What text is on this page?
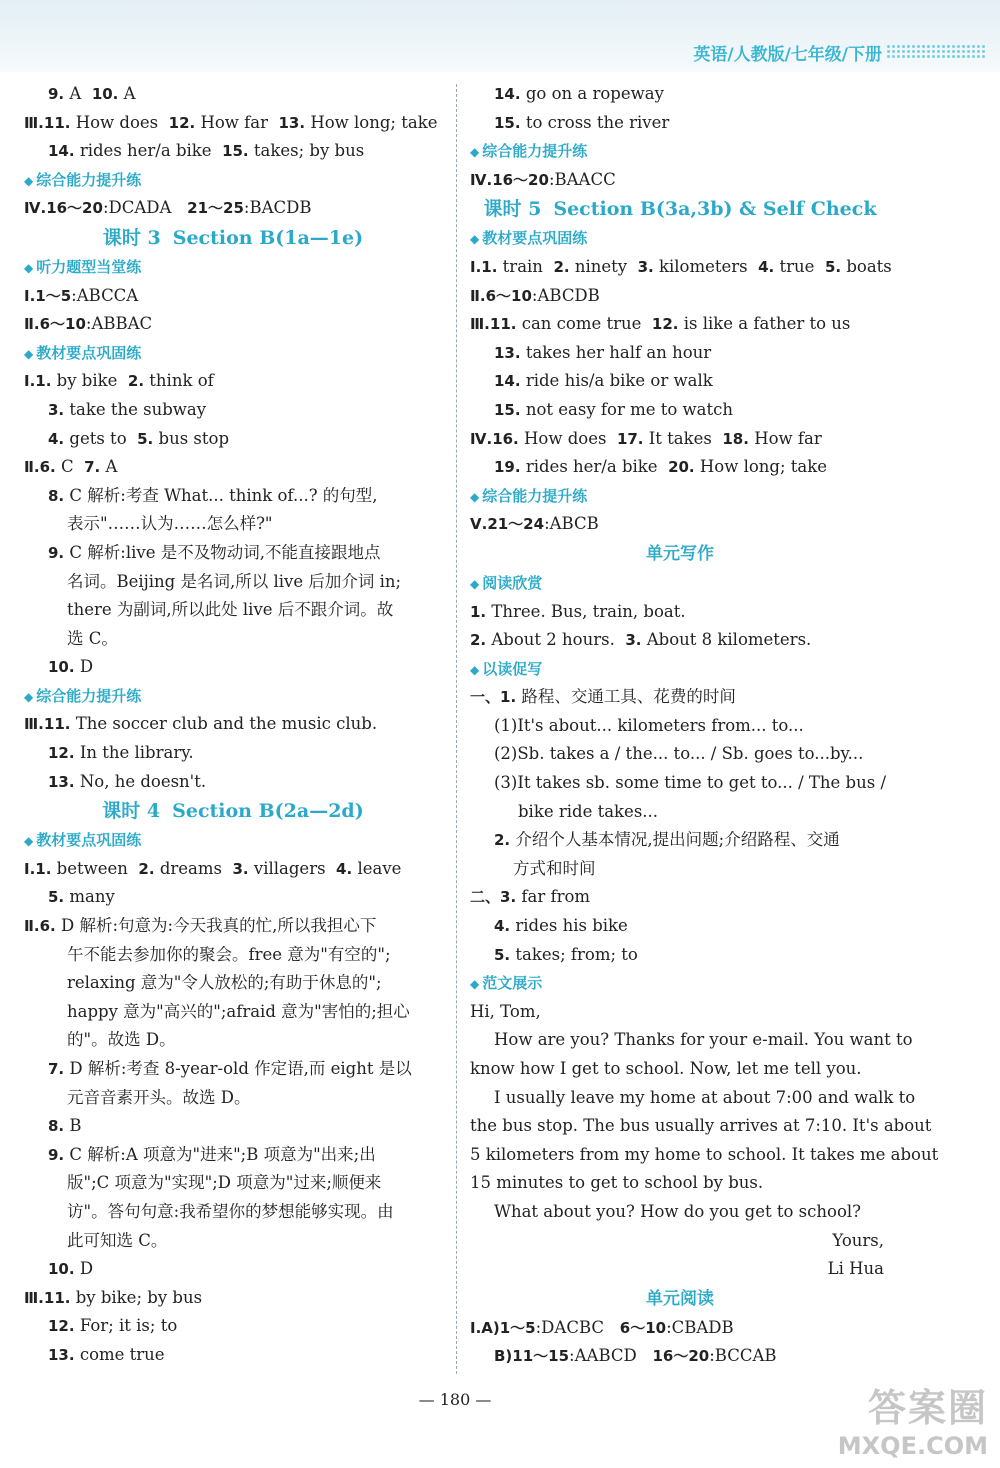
英语/人教版/七年级/下册
9. A 10. A
Ⅲ.11. How does 12. How far 13. How long; take
14. rides her/a bike 15. takes; by bus
◆ 综合能力提升练
Ⅳ.16～20:DCADA 21～25:BACDB
课时 3 Section B(1a—1e)
◆ 听力题型当堂练
Ⅰ.1～5:ABCCA
Ⅱ.6～10:ABBAC
◆ 教材要点巩固练
Ⅰ.1. by bike 2. think of
3. take the subway
4. gets to 5. bus stop
Ⅱ.6. C 7. A
8. C 解析:考查 What... think of...? 的句型,
表示"……认为……怎么样?"
9. C 解析:live 是不及物动词,不能直接跟地点
名词。Beijing 是名词,所以 live 后加介词 in;
there 为副词,所以此处 live 后不跟介词。故
选 C。
10. D
◆ 综合能力提升练
Ⅲ.11. The soccer club and the music club.
12. In the library.
13. No, he doesn't.
课时 4 Section B(2a—2d)
◆ 教材要点巩固练
Ⅰ.1. between 2. dreams 3. villagers 4. leave
5. many
Ⅱ.6. D 解析:句意为:今天我真的忙,所以我担心下
午不能去参加你的聚会。free 意为"有空的";
relaxing 意为"令人放松的;有助于休息的";
happy 意为"高兴的";afraid 意为"害怕的;担心
的"。故选 D。
7. D 解析:考查 8-year-old 作定语,而 eight 是以
元音音素开头。故选 D。
8. B
9. C 解析:A 项意为"进来";B 项意为"出来;出
版";C 项意为"实现";D 项意为"过来;顺便来
访"。答句句意:我希望你的梦想能够实现。由
此可知选 C。
10. D
Ⅲ.11. by bike; by bus
12. For; it is; to
13. come true
14. go on a ropeway
15. to cross the river
◆ 综合能力提升练
Ⅳ.16～20:BAACC
课时 5 Section B(3a,3b) & Self Check
◆ 教材要点巩固练
Ⅰ.1. train 2. ninety 3. kilometers 4. true 5. boats
Ⅱ.6～10:ABCDB
Ⅲ.11. can come true 12. is like a father to us
13. takes her half an hour
14. ride his/a bike or walk
15. not easy for me to watch
Ⅳ.16. How does 17. It takes 18. How far
19. rides her/a bike 20. How long; take
◆ 综合能力提升练
Ⅴ.21～24:ABCB
单元写作
◆ 阅读欣赏
1. Three. Bus, train, boat.
2. About 2 hours. 3. About 8 kilometers.
◆ 以读促写
一、1. 路程、交通工具、花费的时间
(1)It's about... kilometers from... to...
(2)Sb. takes a / the... to... / Sb. goes to...by...
(3)It takes sb. some time to get to... / The bus /
bike ride takes...
2. 介绍个人基本情况,提出问题;介绍路程、交通
方式和时间
二、3. far from
4. rides his bike
5. takes; from; to
◆ 范文展示
Hi, Tom,
How are you? Thanks for your e-mail. You want to
know how I get to school. Now, let me tell you.
I usually leave my home at about 7:00 and walk to
the bus stop. The bus usually arrives at 7:10. It's about
5 kilometers from my home to school. It takes me about
15 minutes to get to school by bus.
What about you? How do you get to school?
Yours,
Li Hua
单元阅读
Ⅰ.A)1～5:DACBC 6～10:CBADB
B)11～15:AABCD 16～20:BCCAB
— 180 —	答案圈
MXQE.COM
